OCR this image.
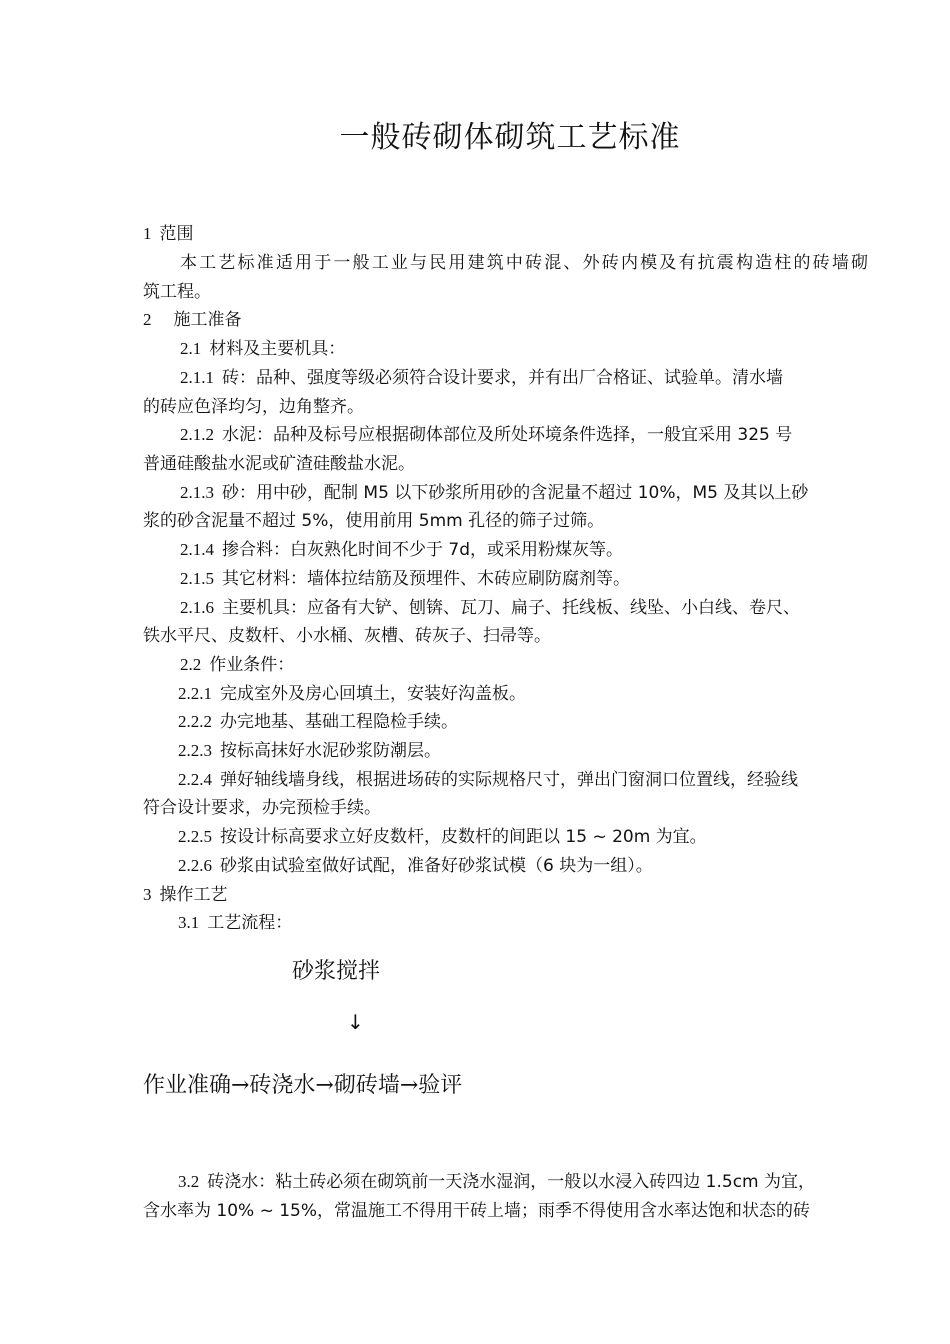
一般砖砌体砌筑工艺标准
1 范围
本工艺标准适用于一般工业与民用建筑中砖混、外砖内模及有抗震构造柱的砖墙砌
筑工程。
2 施工准备
2.1 材料及主要机具：
2.1.1 砖：品种、强度等级必须符合设计要求，并有出厂合格证、试验单。清水墙
的砖应色泽均匀，边角整齐。
2.1.2 水泥：品种及标号应根据砌体部位及所处环境条件选择，一般宜采用 325 号
普通硅酸盐水泥或矿渣硅酸盐水泥。
2.1.3 砂：用中砂，配制 M5 以下砂浆所用砂的含泥量不超过 10%，M5 及其以上砂
浆的砂含泥量不超过 5%，使用前用 5mm 孔径的筛子过筛。
2.1.4 掺合料：白灰熟化时间不少于 7d，或采用粉煤灰等。
2.1.5 其它材料：墙体拉结筋及预埋件、木砖应刷防腐剂等。
2.1.6 主要机具：应备有大铲、刨锛、瓦刀、扁子、托线板、线坠、小白线、卷尺、
铁水平尺、皮数杆、小水桶、灰槽、砖灰子、扫帚等。
2.2 作业条件：
2.2.1 完成室外及房心回填土，安装好沟盖板。
2.2.2 办完地基、基础工程隐检手续。
2.2.3 按标高抹好水泥砂浆防潮层。
2.2.4 弹好轴线墙身线，根据进场砖的实际规格尺寸，弹出门窗洞口位置线，经验线
符合设计要求，办完预检手续。
2.2.5 按设计标高要求立好皮数杆，皮数杆的间距以 15 ~ 20m 为宜。
2.2.6 砂浆由试验室做好试配，准备好砂浆试模（6 块为一组）。
3 操作工艺
3.1 工艺流程：
砂浆搅拌
↓
作业准确→砖浇水→砌砖墙→验评
3.2 砖浇水：粘土砖必须在砌筑前一天浇水湿润，一般以水浸入砖四边 1.5cm 为宜，
含水率为 10% ~ 15%，常温施工不得用干砖上墙；雨季不得使用含水率达饱和状态的砖
